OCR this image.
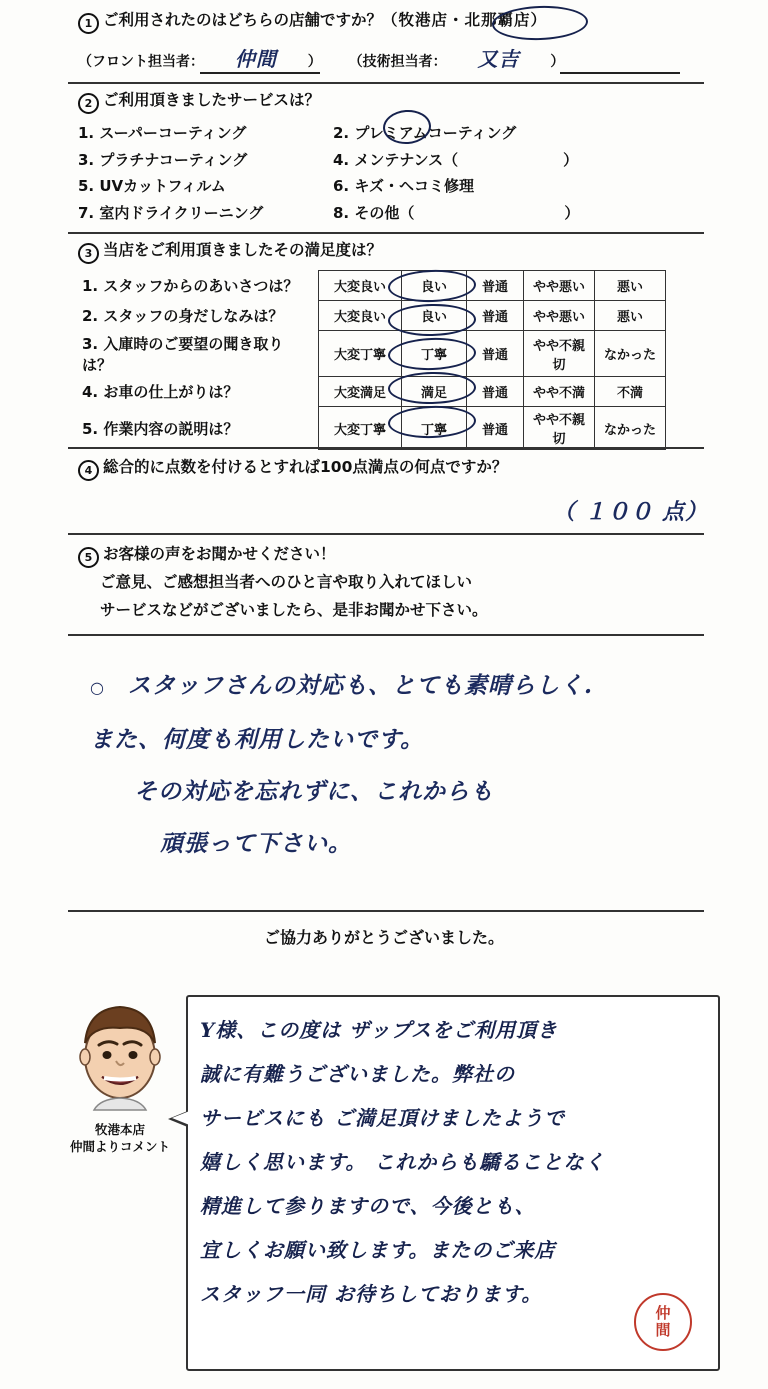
1 ご利用されたのはどちらの店舗ですか？（牧港店・北那覇店）
（フロント担当者： 仲間 ） （技術担当者： 又吉 ）
2 ご利用頂きましたサービスは？
1. スーパーコーティング	2. プレミアムコーティング
3. プラチナコーティング	4. メンテナンス（　　　　　　　）
5. UVカットフィルム	6. キズ・ヘコミ修理
7. 室内ドライクリーニング	8. その他（　　　　　　　　　　）
3 当店をご利用頂きましたその満足度は？
1. スタッフからのあいさつは？	大変良い	良い	普通	やや悪い	悪い
2. スタッフの身だしなみは？	大変良い	良い	普通	やや悪い	悪い
3. 入庫時のご要望の聞き取りは？	大変丁寧	丁寧	普通	やや不親切	なかった
4. お車の仕上がりは？	大変満足	満足	普通	やや不満	不満
5. 作業内容の説明は？	大変丁寧	丁寧	普通	やや不親切	なかった
4 総合的に点数を付けるとすれば100点満点の何点ですか？
（ １００ 点）
5 お客様の声をお聞かせください！
ご意見、ご感想担当者へのひと言や取り入れてほしい
サービスなどがございましたら、是非お聞かせ下さい。
○ スタッフさんの対応も、とても素晴らしく.
また、何度も利用したいです。
その対応を忘れずに、これからも
頑張って下さい。
ご協力ありがとうございました。
牧港本店
仲間よりコメント
仲
間
Y様、この度は ザップスをご利用頂き
誠に有難うございました。弊社の
サービスにも ご満足頂けましたようで
嬉しく思います。 これからも驕ることなく
精進して参りますので、今後とも、
宜しくお願い致します。またのご来店
スタッフ一同 お待ちしております。
